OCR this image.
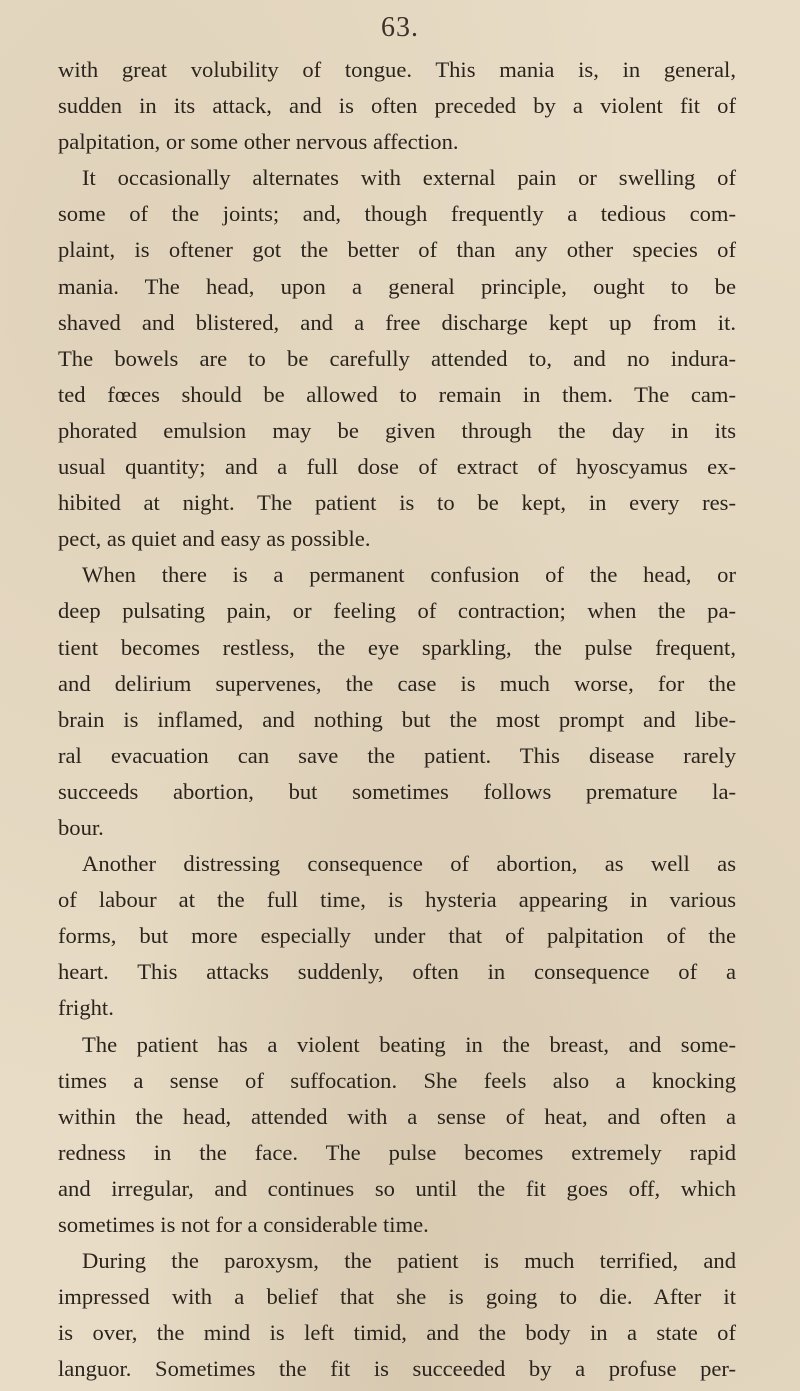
63.

with great volubility of tongue. This mania is, in general,
sudden in its attack, and is often preceded by a violent fit of
palpitation, or some other nervous affection.

It occasionally alternates with external pain or swelling of
some of the joints; and, though frequently a tedious com-
plaint, is oftener got the better of than any other species of
mania. The head, upon a general principle, ought to be
shaved and blistered, and a free discharge kept up from it.
The bowels are to be carefully attended to, and no indura-
ted fœces should be allowed to remain in them. The cam-
phorated emulsion may be given through the day in its
usual quantity; and a full dose of extract of hyoscyamus ex-
hibited at night. The patient is to be kept, in every res-
pect, as quiet and easy as possible.

When there is a permanent confusion of the head, or
deep pulsating pain, or feeling of contraction; when the pa-
tient becomes restless, the eye sparkling, the pulse frequent,
and delirium supervenes, the case is much worse, for the
brain is inflamed, and nothing but the most prompt and libe-
ral evacuation can save the patient. This disease rarely
succeeds abortion, but sometimes follows premature la-
bour.

Another distressing consequence of abortion, as well as
of labour at the full time, is hysteria appearing in various
forms, but more especially under that of palpitation of the
heart. This attacks suddenly, often in consequence of a
fright.

The patient has a violent beating in the breast, and some-
times a sense of suffocation. She feels also a knocking
within the head, attended with a sense of heat, and often a
redness in the face. The pulse becomes extremely rapid
and irregular, and continues so until the fit goes off, which
sometimes is not for a considerable time.

During the paroxysm, the patient is much terrified, and
impressed with a belief that she is going to die. After it
is over, the mind is left timid, and the body in a state of
languor. Sometimes the fit is succeeded by a profuse per-
